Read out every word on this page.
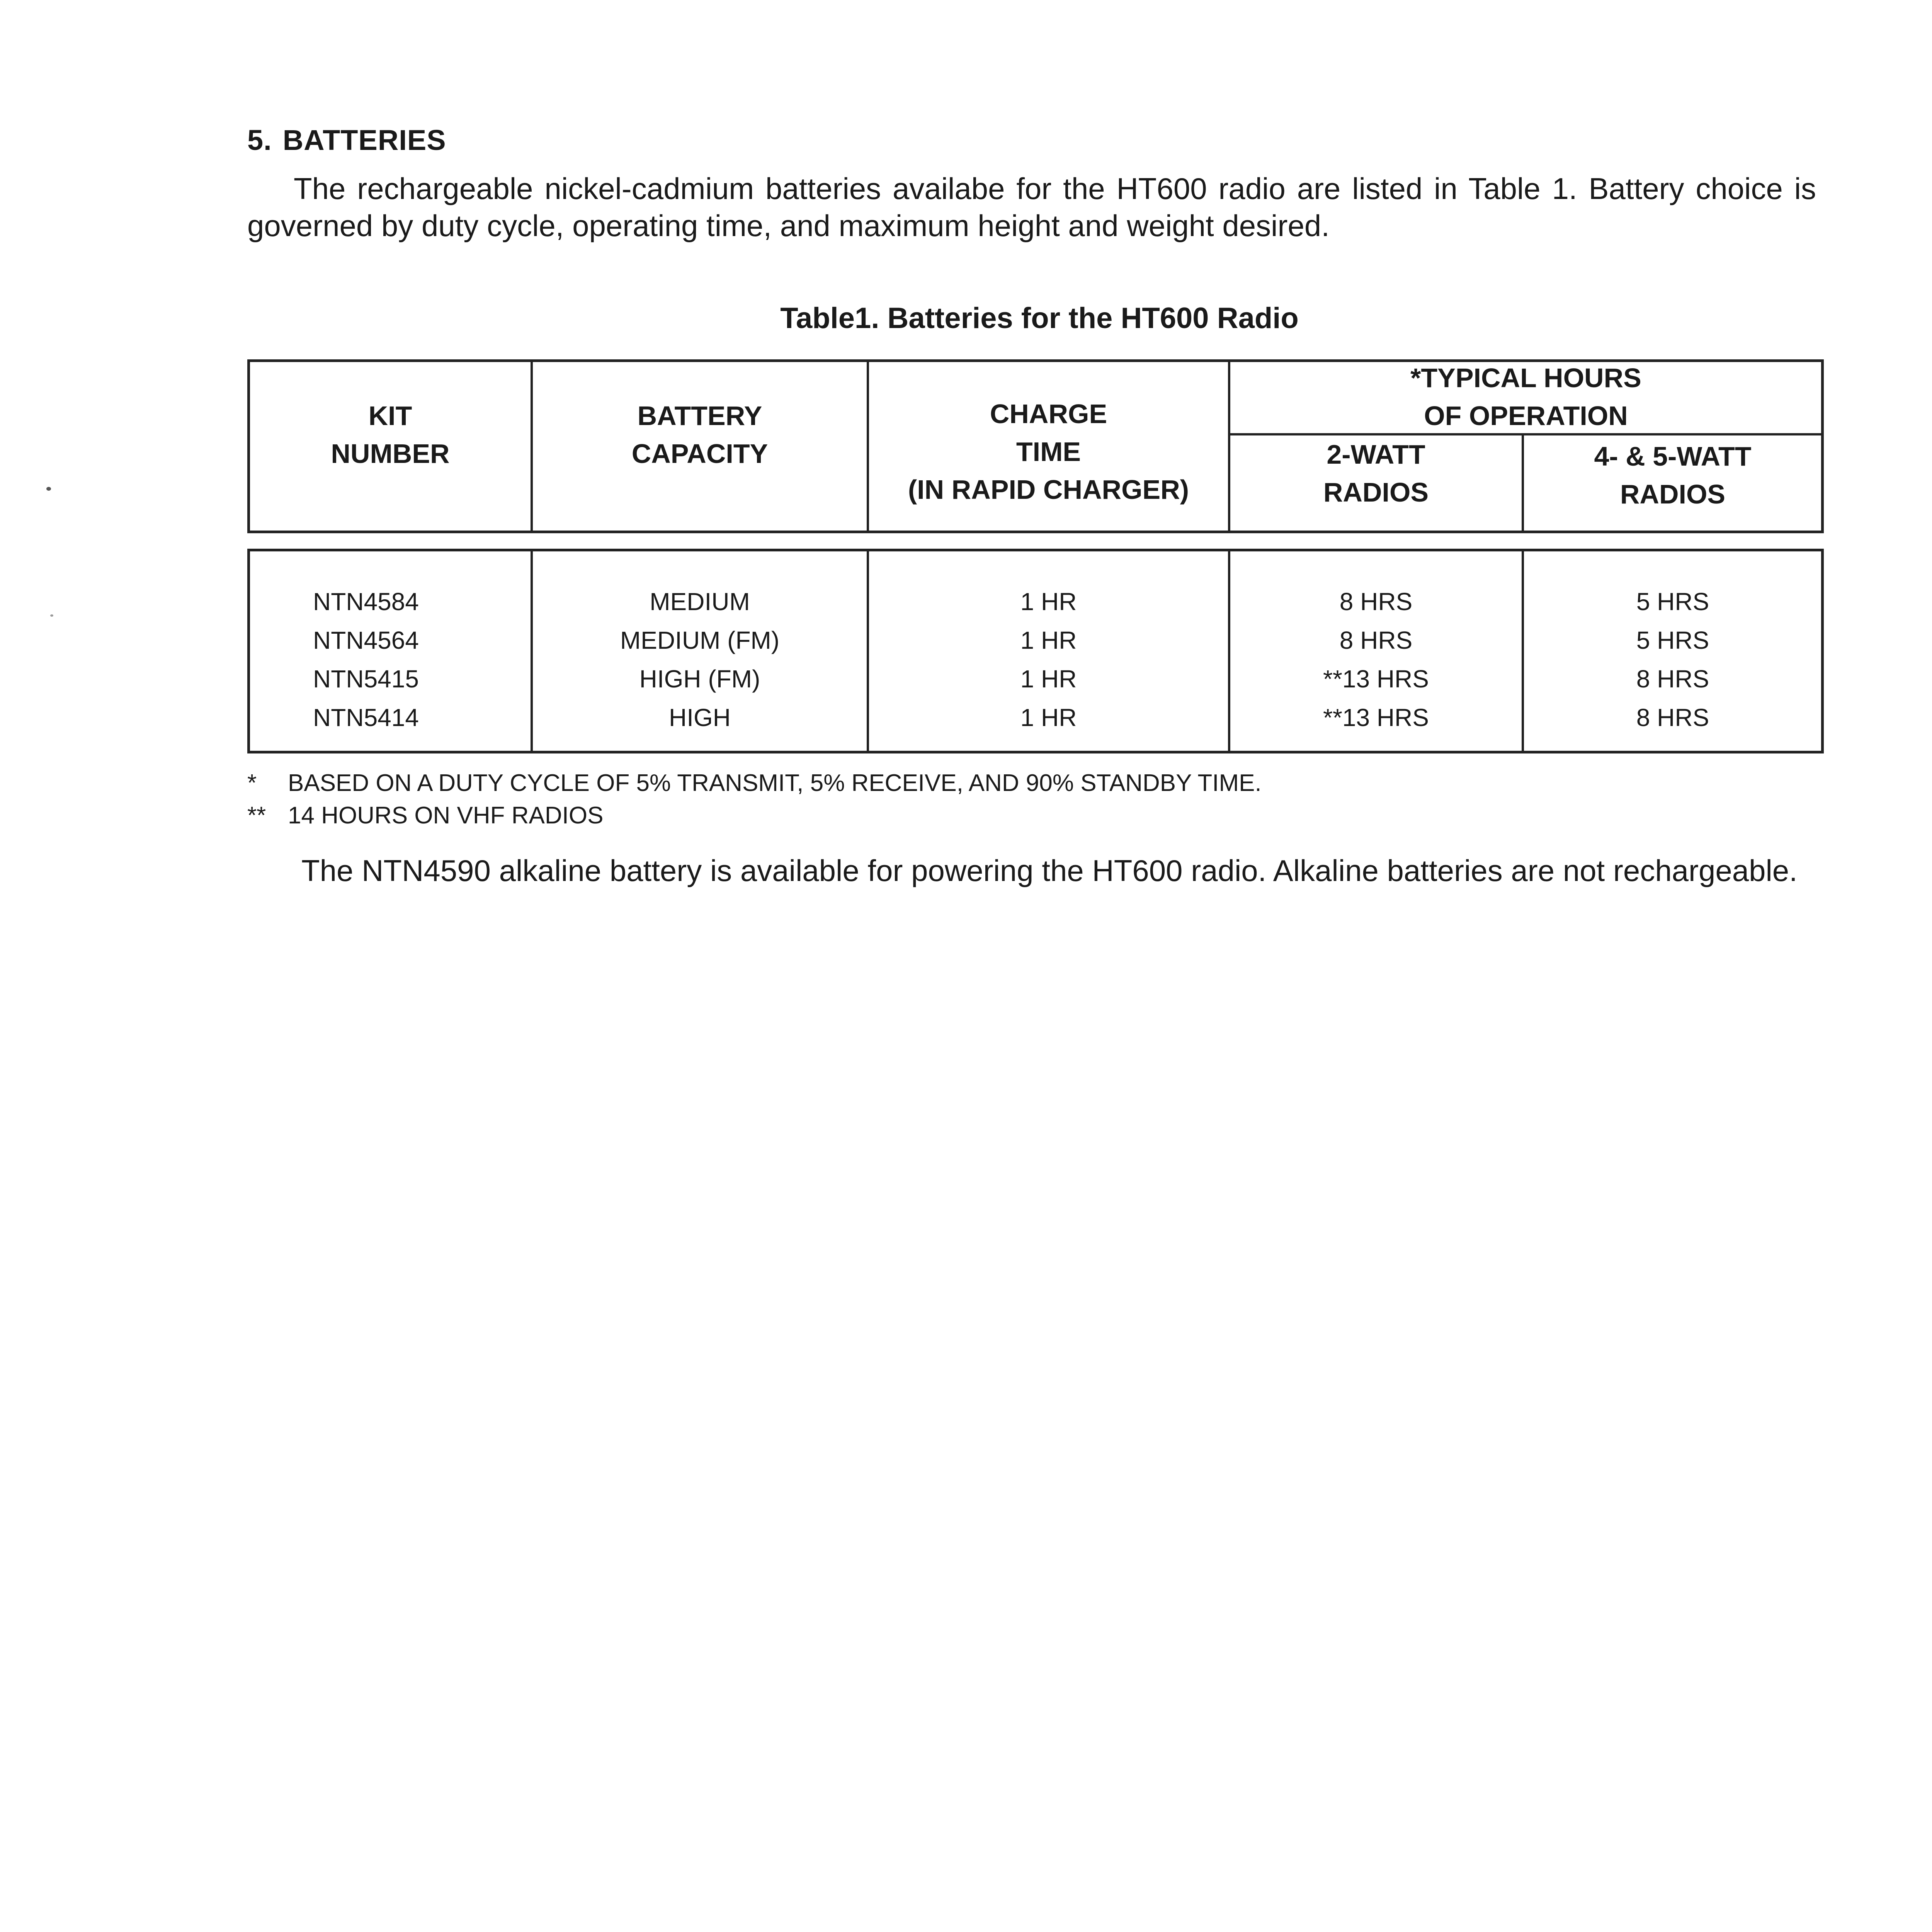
5. BATTERIES

The rechargeable nickel-cadmium batteries availabe for the HT600 radio are listed in Table 1. Battery choice is governed by duty cycle, operating time, and maximum height and weight desired.

Table1. Batteries for the HT600 Radio
KIT
NUMBER
BATTERY
CAPACITY
CHARGE
TIME
(IN RAPID CHARGER)
*TYPICAL HOURS
OF OPERATION
2-WATT
RADIOS
4- & 5-WATT
RADIOS
NTN4584
NTN4564
NTN5415
NTN5414
MEDIUM
MEDIUM (FM)
HIGH (FM)
HIGH
1 HR
1 HR
1 HR
1 HR
8 HRS
8 HRS
**13 HRS
**13 HRS
5 HRS
5 HRS
8 HRS
8 HRS
* BASED ON A DUTY CYCLE OF 5% TRANSMIT, 5% RECEIVE, AND 90% STANDBY TIME.
** 14 HOURS ON VHF RADIOS

The NTN4590 alkaline battery is available for powering the HT600 radio. Alkaline batteries are not rechargeable.
